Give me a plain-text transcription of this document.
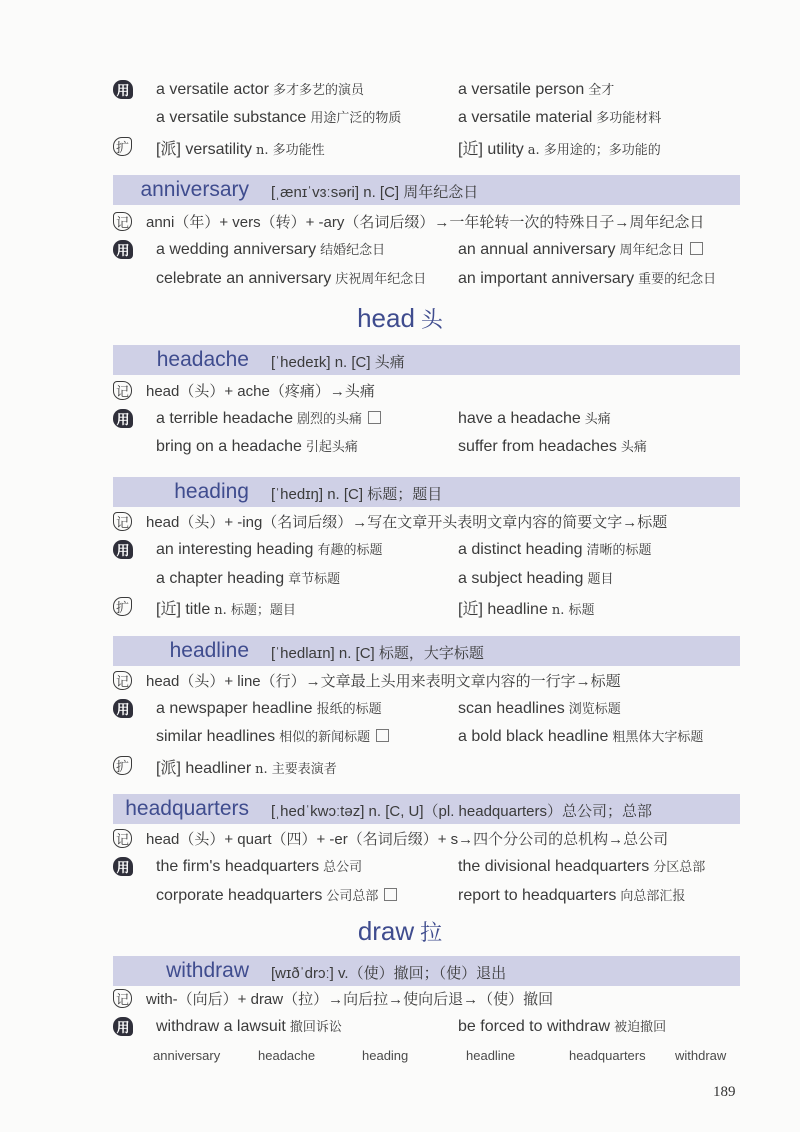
用 a versatile actor 多才多艺的演员	a versatile person 全才
a versatile substance 用途广泛的物质	a versatile material 多功能材料
扩 [派] versatility n. 多功能性	[近] utility a. 多用途的；多功能的
anniversary [ˌænɪˈvɜːsəri] n. [C] 周年纪念日
记 anni（年）+ vers（转）+ -ary（名词后缀）→一年轮转一次的特殊日子→周年纪念日
用 a wedding anniversary 结婚纪念日	an annual anniversary 周年纪念日
celebrate an anniversary 庆祝周年纪念日 an important anniversary 重要的纪念日
head 头
headache [ˈhedeɪk] n. [C] 头痛
记 head（头）+ ache（疼痛）→头痛
用 a terrible headache 剧烈的头痛	have a headache 头痛
bring on a headache 引起头痛	suffer from headaches 头痛
heading [ˈhedɪŋ] n. [C] 标题；题目
记 head（头）+ -ing（名词后缀）→写在文章开头表明文章内容的简要文字→标题
用 an interesting heading 有趣的标题	a distinct heading 清晰的标题
a chapter heading 章节标题	a subject heading 题目
扩 [近] title n. 标题；题目	[近] headline n. 标题
headline [ˈhedlaɪn] n. [C] 标题，大字标题
记 head（头）+ line（行）→文章最上头用来表明文章内容的一行字→标题
用 a newspaper headline 报纸的标题	scan headlines 浏览标题
similar headlines 相似的新闻标题	a bold black headline 粗黑体大字标题
扩 [派] headliner n. 主要表演者
headquarters [ˌhedˈkwɔːtəz] n. [C, U]（pl. headquarters）总公司；总部
记 head（头）+ quart（四）+ -er（名词后缀）+ s→四个分公司的总机构→总公司
用 the firm's headquarters 总公司	the divisional headquarters 分区总部
corporate headquarters 公司总部	report to headquarters 向总部汇报
draw 拉
withdraw [wɪðˈdrɔː] v.（使）撤回；（使）退出
记 with-（向后）+ draw（拉）→向后拉→使向后退→（使）撤回
用 withdraw a lawsuit 撤回诉讼	be forced to withdraw 被迫撤回
anniversary	headache	heading	headline	headquarters withdraw
189
